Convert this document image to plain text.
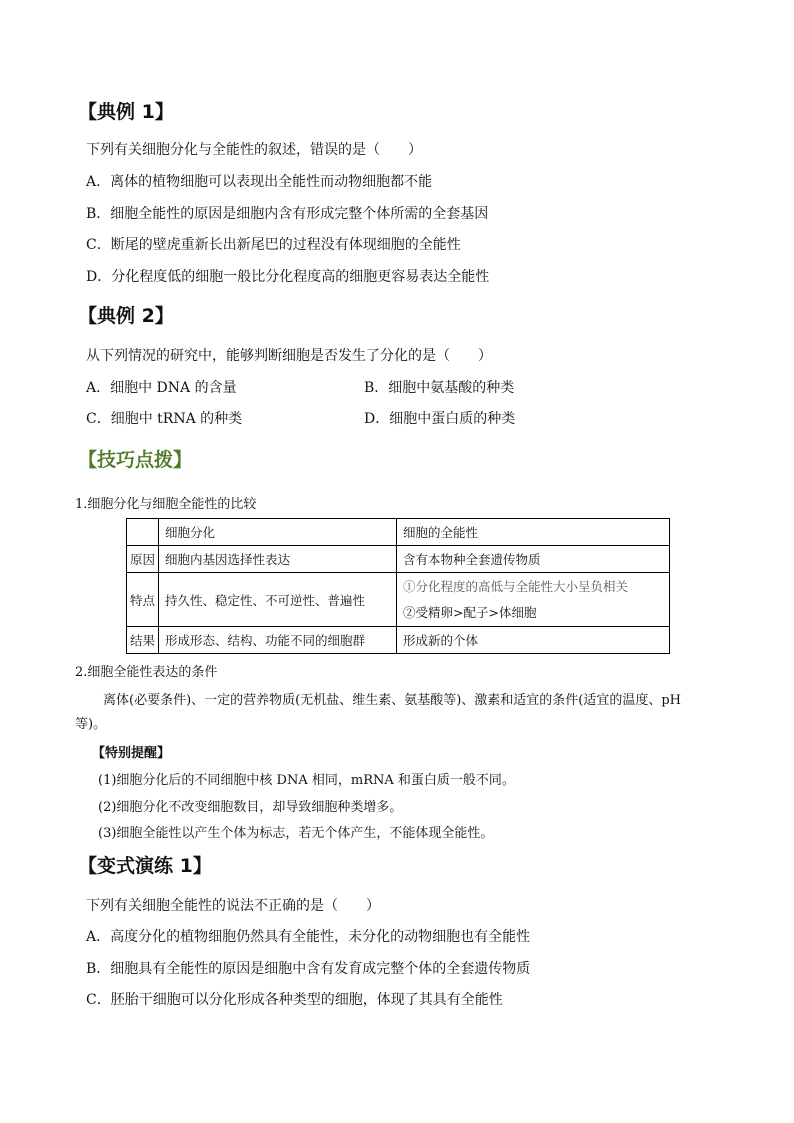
【典例 1】
下列有关细胞分化与全能性的叙述，错误的是（　　）
A．离体的植物细胞可以表现出全能性而动物细胞都不能
B．细胞全能性的原因是细胞内含有形成完整个体所需的全套基因
C．断尾的壁虎重新长出新尾巴的过程没有体现细胞的全能性
D．分化程度低的细胞一般比分化程度高的细胞更容易表达全能性
【典例 2】
从下列情况的研究中，能够判断细胞是否发生了分化的是（　　）
A．细胞中 DNA 的含量	B．细胞中氨基酸的种类
C．细胞中 tRNA 的种类	D．细胞中蛋白质的种类
【技巧点拨】
1.细胞分化与细胞全能性的比较
	细胞分化	细胞的全能性
原因	细胞内基因选择性表达	含有本物种全套遗传物质
特点	持久性、稳定性、不可逆性、普遍性	①分化程度的高低与全能性大小呈负相关
②受精卵>配子>体细胞

结果	形成形态、结构、功能不同的细胞群	形成新的个体
2.细胞全能性表达的条件
离体(必要条件)、一定的营养物质(无机盐、维生素、氨基酸等)、激素和适宜的条件(适宜的温度、pH
等)。
【特别提醒】
(1)细胞分化后的不同细胞中核 DNA 相同，mRNA 和蛋白质一般不同。
(2)细胞分化不改变细胞数目，却导致细胞种类增多。
(3)细胞全能性以产生个体为标志，若无个体产生，不能体现全能性。
【变式演练 1】
下列有关细胞全能性的说法不正确的是（　　）
A．高度分化的植物细胞仍然具有全能性，未分化的动物细胞也有全能性
B．细胞具有全能性的原因是细胞中含有发育成完整个体的全套遗传物质
C．胚胎干细胞可以分化形成各种类型的细胞，体现了其具有全能性
